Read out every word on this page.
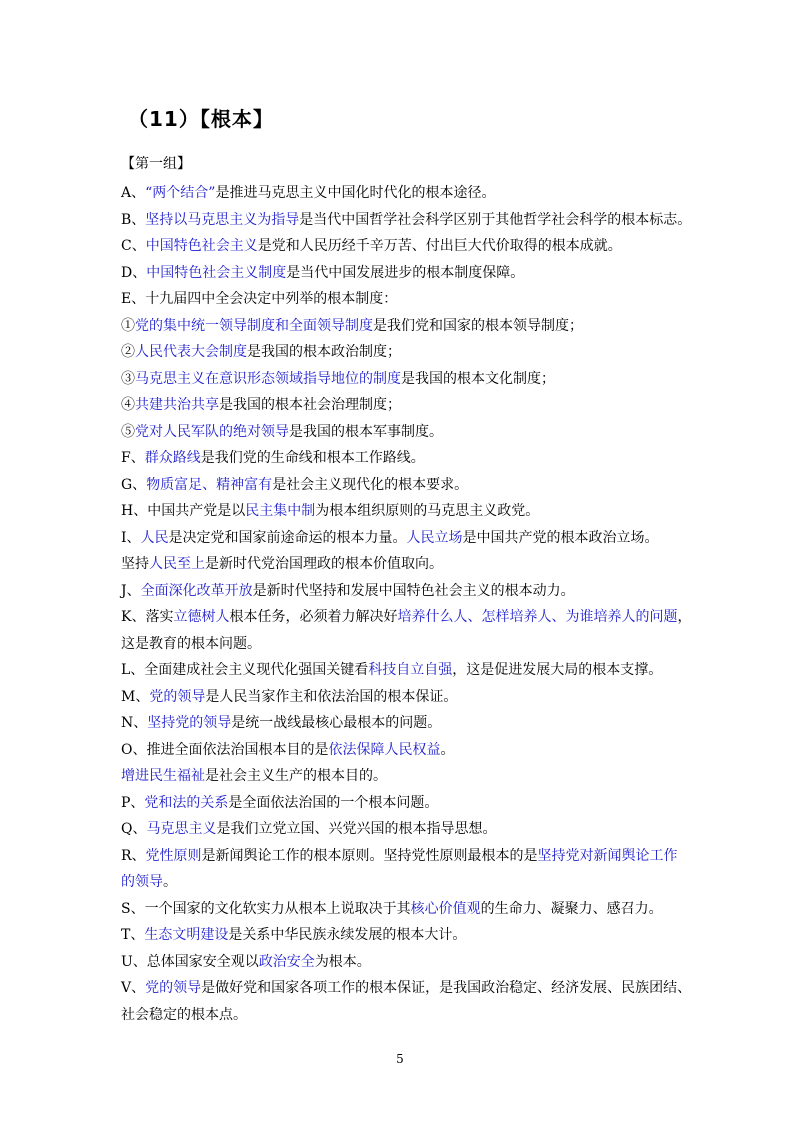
（11）【根本】
【第一组】
A、“两个结合”是推进马克思主义中国化时代化的根本途径。
B、坚持以马克思主义为指导是当代中国哲学社会科学区别于其他哲学社会科学的根本标志。
C、中国特色社会主义是党和人民历经千辛万苦、付出巨大代价取得的根本成就。
D、中国特色社会主义制度是当代中国发展进步的根本制度保障。
E、十九届四中全会决定中列举的根本制度：
①党的集中统一领导制度和全面领导制度是我们党和国家的根本领导制度；
②人民代表大会制度是我国的根本政治制度；
③马克思主义在意识形态领域指导地位的制度是我国的根本文化制度；
④共建共治共享是我国的根本社会治理制度；
⑤党对人民军队的绝对领导是我国的根本军事制度。
F、群众路线是我们党的生命线和根本工作路线。
G、物质富足、精神富有是社会主义现代化的根本要求。
H、中国共产党是以民主集中制为根本组织原则的马克思主义政党。
I、人民是决定党和国家前途命运的根本力量。人民立场是中国共产党的根本政治立场。
坚持人民至上是新时代党治国理政的根本价值取向。
J、全面深化改革开放是新时代坚持和发展中国特色社会主义的根本动力。
K、落实立德树人根本任务，必须着力解决好培养什么人、怎样培养人、为谁培养人的问题，
这是教育的根本问题。
L、全面建成社会主义现代化强国关键看科技自立自强，这是促进发展大局的根本支撑。
M、党的领导是人民当家作主和依法治国的根本保证。
N、坚持党的领导是统一战线最核心最根本的问题。
O、推进全面依法治国根本目的是依法保障人民权益。
增进民生福祉是社会主义生产的根本目的。
P、党和法的关系是全面依法治国的一个根本问题。
Q、马克思主义是我们立党立国、兴党兴国的根本指导思想。
R、党性原则是新闻舆论工作的根本原则。坚持党性原则最根本的是坚持党对新闻舆论工作
的领导。
S、一个国家的文化软实力从根本上说取决于其核心价值观的生命力、凝聚力、感召力。
T、生态文明建设是关系中华民族永续发展的根本大计。
U、总体国家安全观以政治安全为根本。
V、党的领导是做好党和国家各项工作的根本保证，是我国政治稳定、经济发展、民族团结、
社会稳定的根本点。
5
